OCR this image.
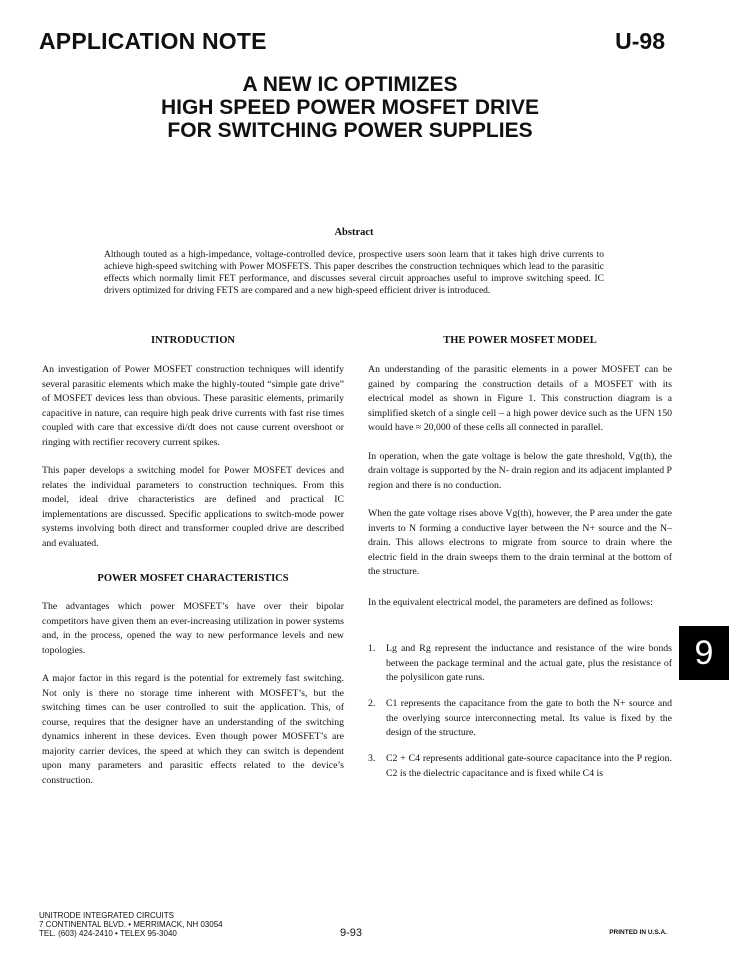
APPLICATION NOTE	U-98
A NEW IC OPTIMIZES
HIGH SPEED POWER MOSFET DRIVE
FOR SWITCHING POWER SUPPLIES
Abstract
Although touted as a high-impedance, voltage-controlled device, prospective users soon learn that it takes high drive currents to achieve high-speed switching with Power MOSFETS. This paper describes the construction techniques which lead to the parasitic effects which normally limit FET performance, and discusses several circuit approaches useful to improve switching speed. IC drivers optimized for driving FETS are compared and a new high-speed efficient driver is introduced.
INTRODUCTION

An investigation of Power MOSFET construction techniques will identify several parasitic elements which make the highly-touted “simple gate drive” of MOSFET devices less than obvious. These parasitic elements, primarily capacitive in nature, can require high peak drive currents with fast rise times coupled with care that excessive di/dt does not cause current overshoot or ringing with rectifier recovery current spikes.

This paper develops a switching model for Power MOSFET devices and relates the individual parameters to construction techniques. From this model, ideal drive characteristics are defined and practical IC implementations are discussed. Specific applications to switch-mode power systems involving both direct and transformer coupled drive are described and evaluated.

POWER MOSFET CHARACTERISTICS

The advantages which power MOSFET’s have over their bipolar competitors have given them an ever-increasing utilization in power systems and, in the process, opened the way to new performance levels and new topologies.

A major factor in this regard is the potential for extremely fast switching. Not only is there no storage time inherent with MOSFET’s, but the switching times can be user controlled to suit the application. This, of course, requires that the designer have an understanding of the switching dynamics inherent in these devices. Even though power MOSFET’s are majority carrier devices, the speed at which they can switch is dependent upon many parameters and parasitic effects related to the device’s construction.

THE POWER MOSFET MODEL

An understanding of the parasitic elements in a power MOSFET can be gained by comparing the construction details of a MOSFET with its electrical model as shown in Figure 1. This construction diagram is a simplified sketch of a single cell – a high power device such as the UFN 150 would have ≈ 20,000 of these cells all connected in parallel.

In operation, when the gate voltage is below the gate threshold, Vg(th), the drain voltage is supported by the N- drain region and its adjacent implanted P region and there is no conduction.

When the gate voltage rises above Vg(th), however, the P area under the gate inverts to N forming a conductive layer between the N+ source and the N– drain. This allows electrons to migrate from source to drain where the electric field in the drain sweeps them to the drain terminal at the bottom of the structure.

In the equivalent electrical model, the parameters are defined as follows:

1. Lg and Rg represent the inductance and resistance of the wire bonds between the package terminal and the actual gate, plus the resistance of the polysilicon gate runs.
2. C1 represents the capacitance from the gate to both the N+ source and the overlying source interconnecting metal. Its value is fixed by the design of the structure.
3. C2 + C4 represents additional gate-source capacitance into the P region. C2 is the dielectric capacitance and is fixed while C4 is
9
UNITRODE INTEGRATED CIRCUITS
7 CONTINENTAL BLVD. • MERRIMACK, NH 03054
TEL. (603) 424-2410 • TELEX 95-3040	9-93	PRINTED IN U.S.A.
